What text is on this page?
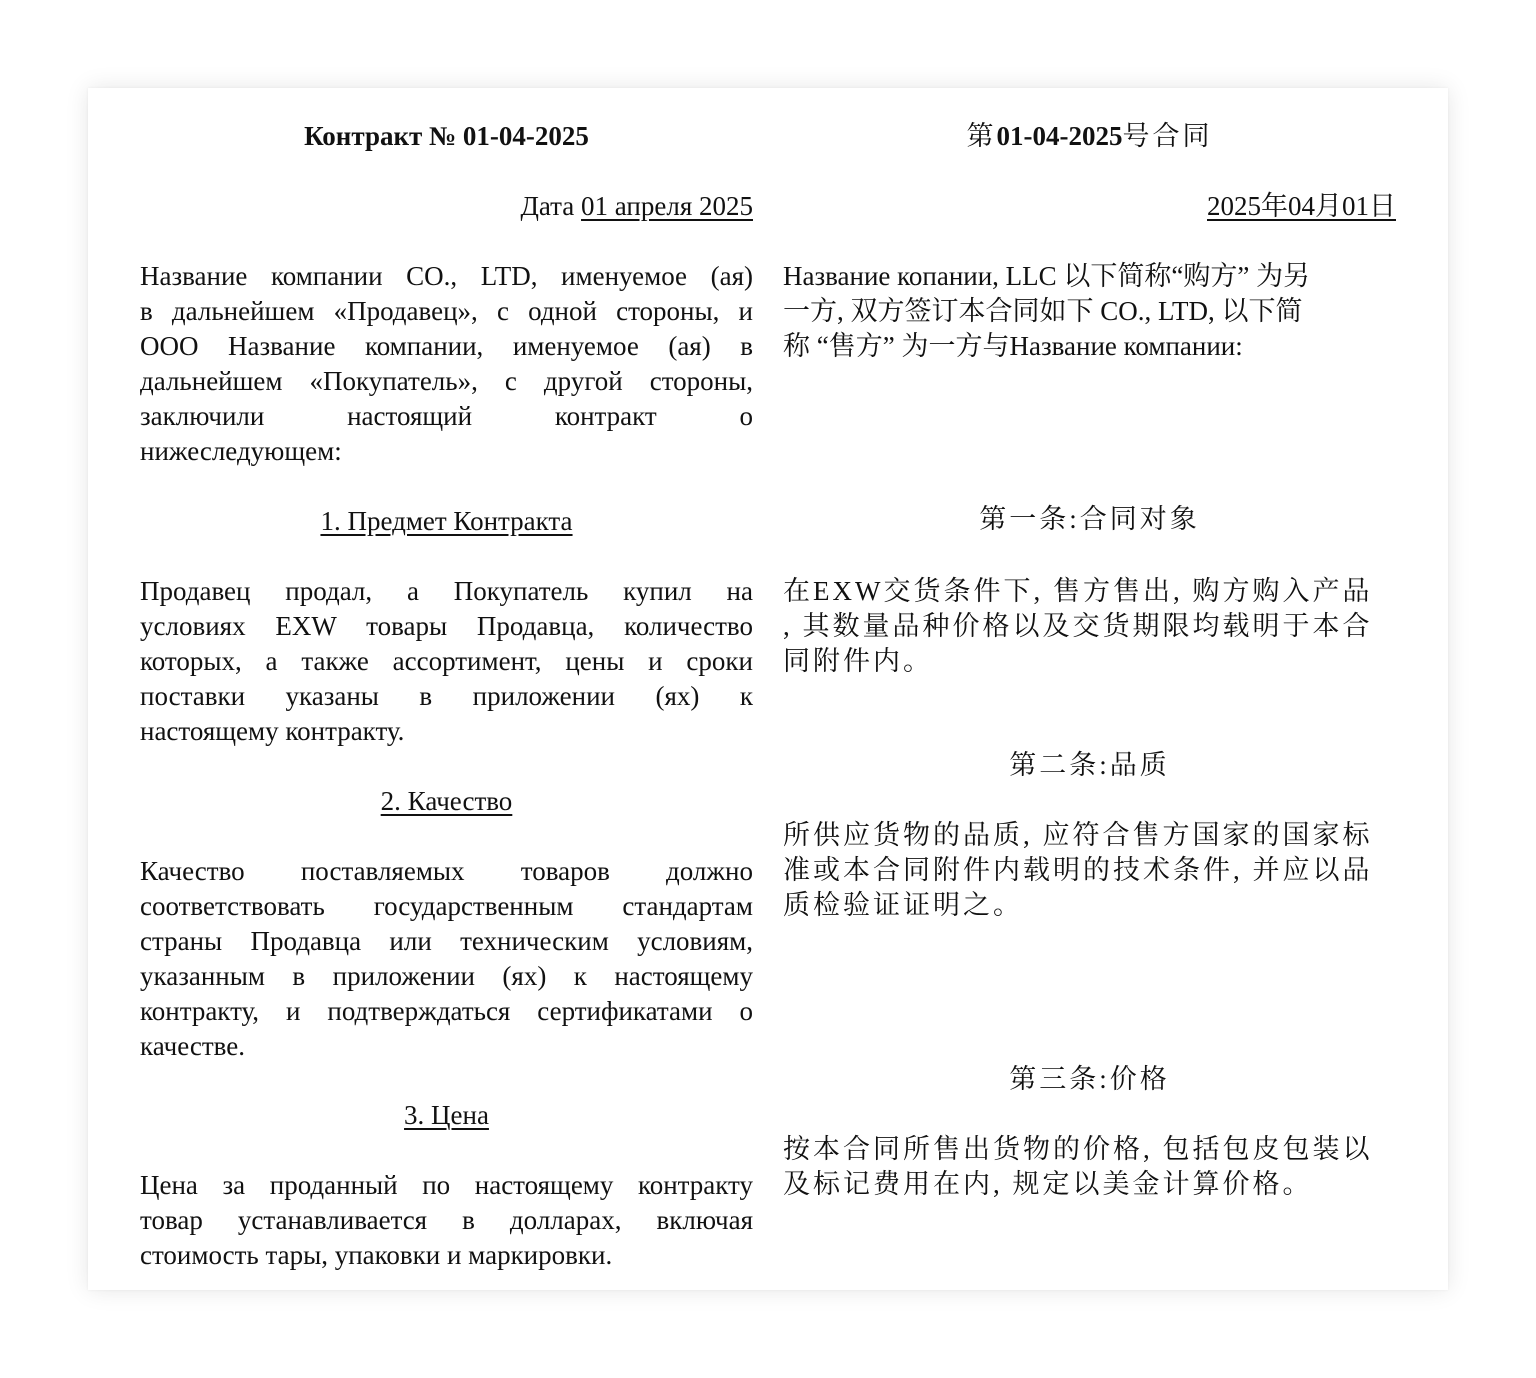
Контракт № 01-04-2025
Дата 01 апреля 2025
Название компании CO., LTD, именуемое (ая)
в дальнейшем «Продавец», с одной стороны, и
ООО Название компании, именуемое (ая) в
дальнейшем «Покупатель», с другой стороны,
заключили настоящий контракт о
нижеследующем:
1. Предмет Контракта
Продавец продал, а Покупатель купил на
условиях EXW товары Продавца, количество
которых, а также ассортимент, цены и сроки
поставки указаны в приложении (ях) к
настоящему контракту.
2. Качество
Качество поставляемых товаров должно
соответствовать государственным стандартам
страны Продавца или техническим условиям,
указанным в приложении (ях) к настоящему
контракту, и подтверждаться сертификатами о
качестве.
3. Цена
Цена за проданный по настоящему контракту
товар устанавливается в долларах, включая
стоимость тары, упаковки и маркировки.
第01-04-2025号合同
2025年04月01日
Название копании, LLC 以下简称“购方” 为另
一方, 双方签订本合同如下 CO., LTD, 以下简
称 “售方” 为一方与Название компании:
第一条:合同对象
在EXW交货条件下, 售方售出, 购方购入产品
, 其数量品种价格以及交货期限均载明于本合
同附件内。
第二条:品质
所供应货物的品质, 应符合售方国家的国家标
准或本合同附件内载明的技术条件, 并应以品
质检验证证明之。
第三条:价格
按本合同所售出货物的价格, 包括包皮包装以
及标记费用在内, 规定以美金计算价格。
